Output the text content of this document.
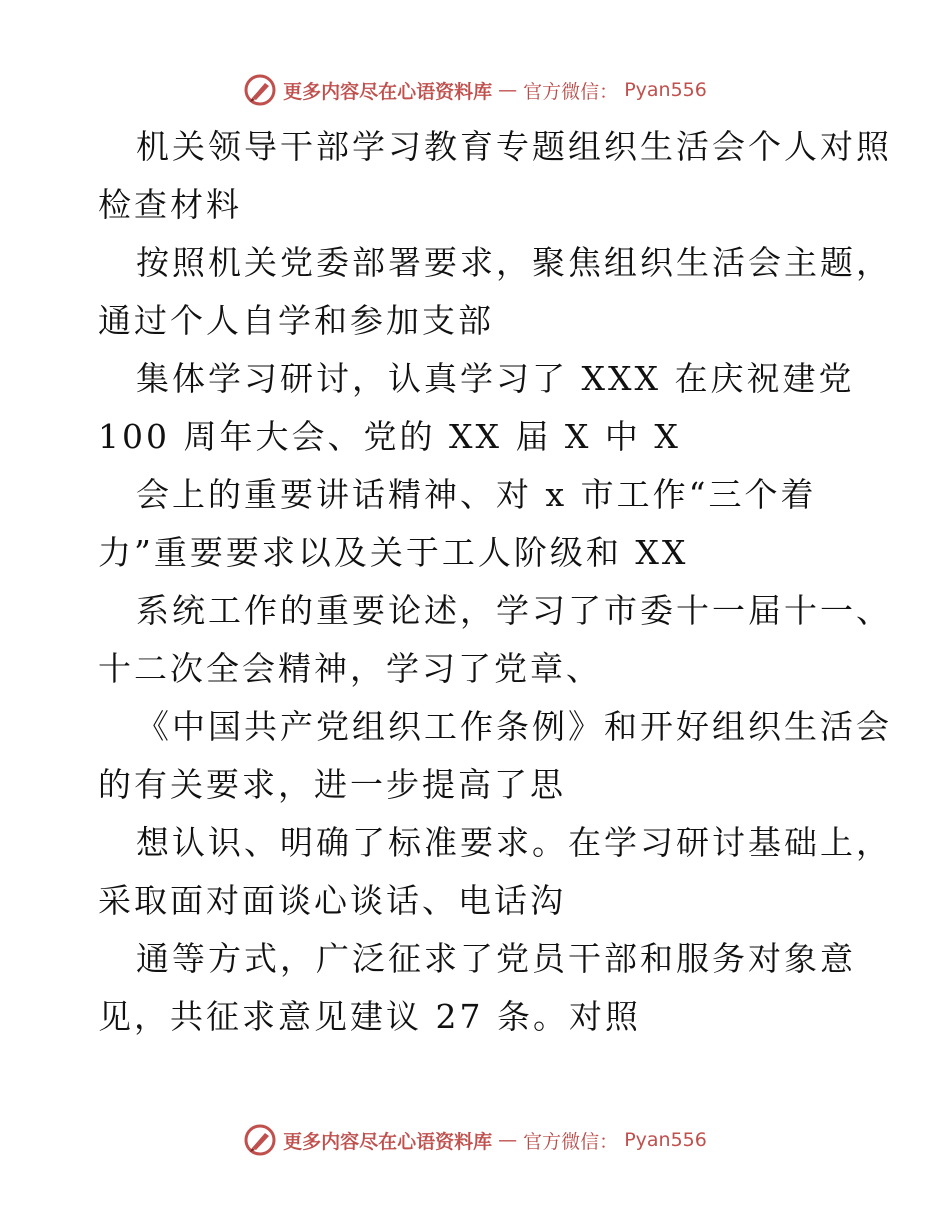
更多内容尽在心语资料库 — 官方微信： Pyan556
机关领导干部学习教育专题组织生活会个人对照
检查材料
按照机关党委部署要求，聚焦组织生活会主题，
通过个人自学和参加支部
集体学习研讨，认真学习了 XXX 在庆祝建党
100 周年大会、党的 XX 届 X 中 X
会上的重要讲话精神、对 x 市工作“三个着
力”重要要求以及关于工人阶级和 XX
系统工作的重要论述，学习了市委十一届十一、
十二次全会精神，学习了党章、
《中国共产党组织工作条例》和开好组织生活会
的有关要求，进一步提高了思
想认识、明确了标准要求。在学习研讨基础上，
采取面对面谈心谈话、电话沟
通等方式，广泛征求了党员干部和服务对象意
见，共征求意见建议 27 条。对照
更多内容尽在心语资料库 — 官方微信： Pyan556
